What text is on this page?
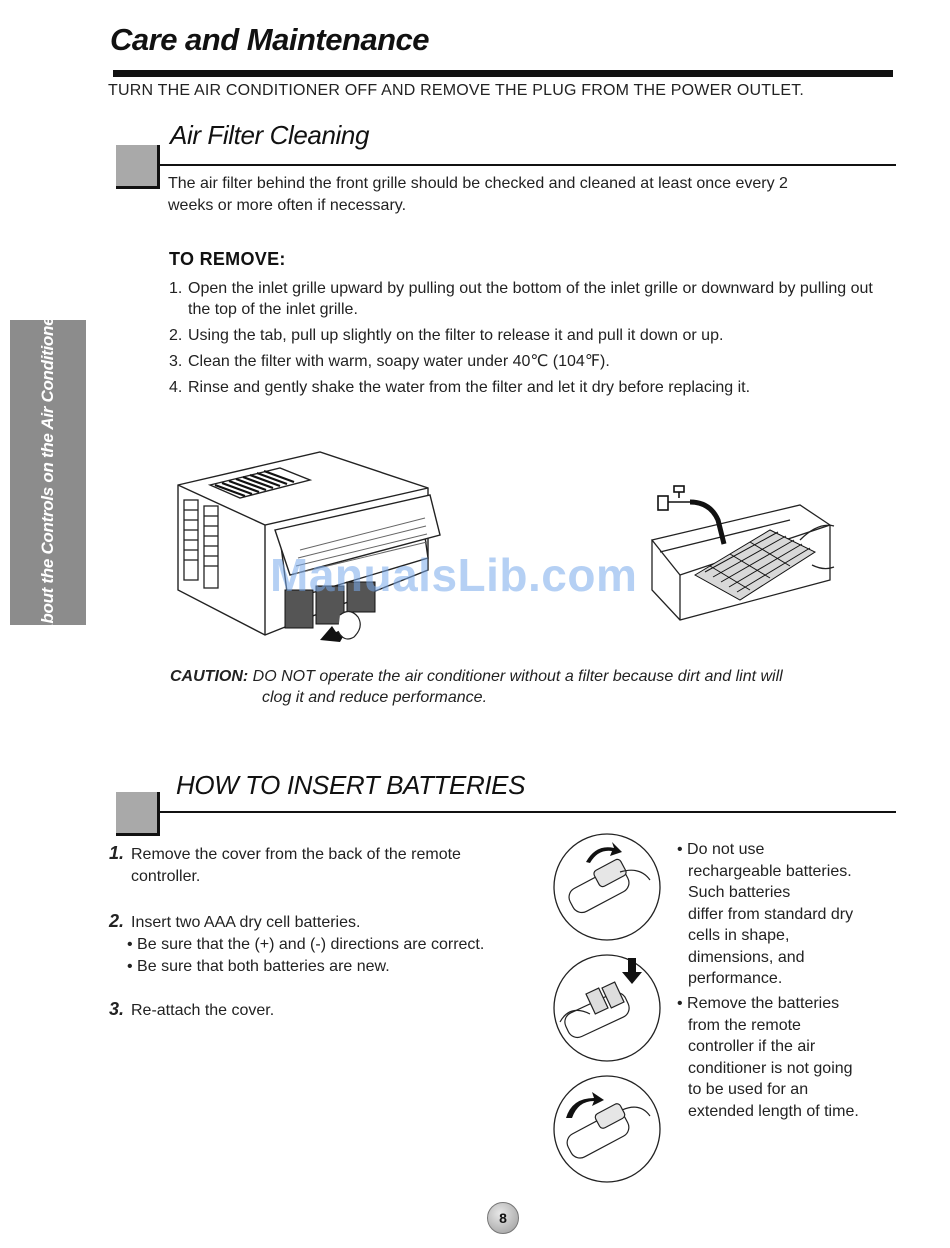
Care and Maintenance
TURN THE AIR CONDITIONER OFF AND REMOVE THE PLUG FROM THE POWER OUTLET.
About the Controls on the Air Conditioner
Air Filter Cleaning
The air filter behind the front grille should be checked and cleaned at least once every 2
weeks or more often if necessary.
TO REMOVE:
1. Open the inlet grille upward by pulling out the bottom of the inlet grille or downward by pulling out the top of the inlet grille.
2. Using the tab, pull up slightly on the filter to release it and pull it down or up.
3. Clean the filter with warm, soapy water under 40℃ (104℉).
4. Rinse and gently shake the water from the filter and let it dry before replacing it.
ManualsLib.com
CAUTION: DO NOT operate the air conditioner without a filter because dirt and lint will
clog it and reduce performance.
HOW TO INSERT BATTERIES
1. Remove the cover from the back of the remote
controller.
2. Insert two AAA dry cell batteries.
• Be sure that the (+) and (-) directions are correct.
• Be sure that both batteries are new.
3. Re-attach the cover.
• Do not use
rechargeable batteries.
Such batteries
differ from standard dry
cells in shape,
dimensions, and
performance.
• Remove the batteries
from the remote
controller if the air
conditioner is not going
to be used for an
extended length of time.
8
